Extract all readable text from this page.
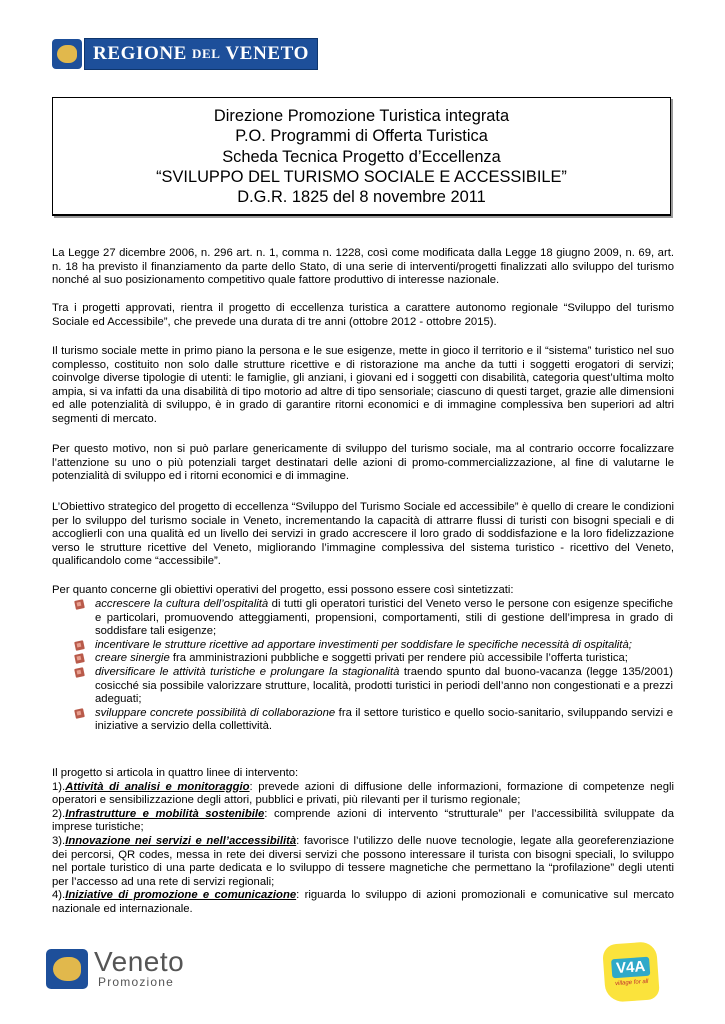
REGIONE DEL VENETO
Direzione Promozione Turistica integrata
P.O. Programmi di Offerta Turistica
Scheda Tecnica Progetto d’Eccellenza
“SVILUPPO DEL TURISMO SOCIALE E ACCESSIBILE”
D.G.R. 1825 del 8 novembre 2011

La Legge 27 dicembre 2006, n. 296 art. n. 1, comma n. 1228, così come modificata dalla Legge 18 giugno 2009, n. 69, art. n. 18 ha previsto il finanziamento da parte dello Stato, di una serie di interventi/progetti finalizzati allo sviluppo del turismo nonché al suo posizionamento competitivo quale fattore produttivo di interesse nazionale.

Tra i progetti approvati, rientra il progetto di eccellenza turistica a carattere autonomo regionale “Sviluppo del turismo Sociale ed Accessibile”, che prevede una durata di tre anni (ottobre 2012 - ottobre 2015).

Il turismo sociale mette in primo piano la persona e le sue esigenze, mette in gioco il territorio e il “sistema” turistico nel suo complesso, costituito non solo dalle strutture ricettive e di ristorazione ma anche da tutti i soggetti erogatori di servizi; coinvolge diverse tipologie di utenti: le famiglie, gli anziani, i giovani ed i soggetti con disabilità, categoria quest’ultima molto ampia, si va infatti da una disabilità di tipo motorio ad altre di tipo sensoriale; ciascuno di questi target, grazie alle dimensioni ed alle potenzialità di sviluppo, è in grado di garantire ritorni economici e di immagine complessiva ben superiori ad altri segmenti di mercato.

Per questo motivo, non si può parlare genericamente di sviluppo del turismo sociale, ma al contrario occorre focalizzare l’attenzione su uno o più potenziali target destinatari delle azioni di promo-commercializzazione, al fine di valutarne le potenzialità di sviluppo ed i ritorni economici e di immagine.

L’Obiettivo strategico del progetto di eccellenza “Sviluppo del Turismo Sociale ed accessibile” è quello di creare le condizioni per lo sviluppo del turismo sociale in Veneto, incrementando la capacità di attrarre flussi di turisti con bisogni speciali e di accoglierli con una qualità ed un livello dei servizi in grado accrescere il loro grado di soddisfazione e la loro fidelizzazione verso le strutture ricettive del Veneto, migliorando l’immagine complessiva del sistema turistico - ricettivo del Veneto, qualificandolo come “accessibile”.

Per quanto concerne gli obiettivi operativi del progetto, essi possono essere così sintetizzati:

accrescere la cultura dell’ospitalità di tutti gli operatori turistici del Veneto verso le persone con esigenze specifiche e particolari, promuovendo atteggiamenti, propensioni, comportamenti, stili di gestione dell’impresa in grado di soddisfare tali esigenze;
incentivare le strutture ricettive ad apportare investimenti per soddisfare le specifiche necessità di ospitalità;
creare sinergie fra amministrazioni pubbliche e soggetti privati per rendere più accessibile l’offerta turistica;
diversificare le attività turistiche e prolungare la stagionalità traendo spunto dal buono-vacanza (legge 135/2001) cosicché sia possibile valorizzare strutture, località, prodotti turistici in periodi dell’anno non congestionati e a prezzi adeguati;
sviluppare concrete possibilità di collaborazione fra il settore turistico e quello socio-sanitario, sviluppando servizi e iniziative a servizio della collettività.

Il progetto si articola in quattro linee di intervento:

1).Attività di analisi e monitoraggio: prevede azioni di diffusione delle informazioni, formazione di competenze negli operatori e sensibilizzazione degli attori, pubblici e privati, più rilevanti per il turismo regionale;

2).Infrastrutture e mobilità sostenibile: comprende azioni di intervento “strutturale” per l’accessibilità sviluppate da imprese turistiche;

3).Innovazione nei servizi e nell’accessibilità: favorisce l’utilizzo delle nuove tecnologie, legate alla georeferenziazione dei percorsi, QR codes, messa in rete dei diversi servizi che possono interessare il turista con bisogni speciali, lo sviluppo nel portale turistico di una parte dedicata e lo sviluppo di tessere magnetiche che permettano la “profilazione” degli utenti per l’accesso ad una rete di servizi regionali;

4).Iniziative di promozione e comunicazione: riguarda lo sviluppo di azioni promozionali e comunicative sul mercato nazionale ed internazionale.

Veneto
Promozione
V4A
village for all
